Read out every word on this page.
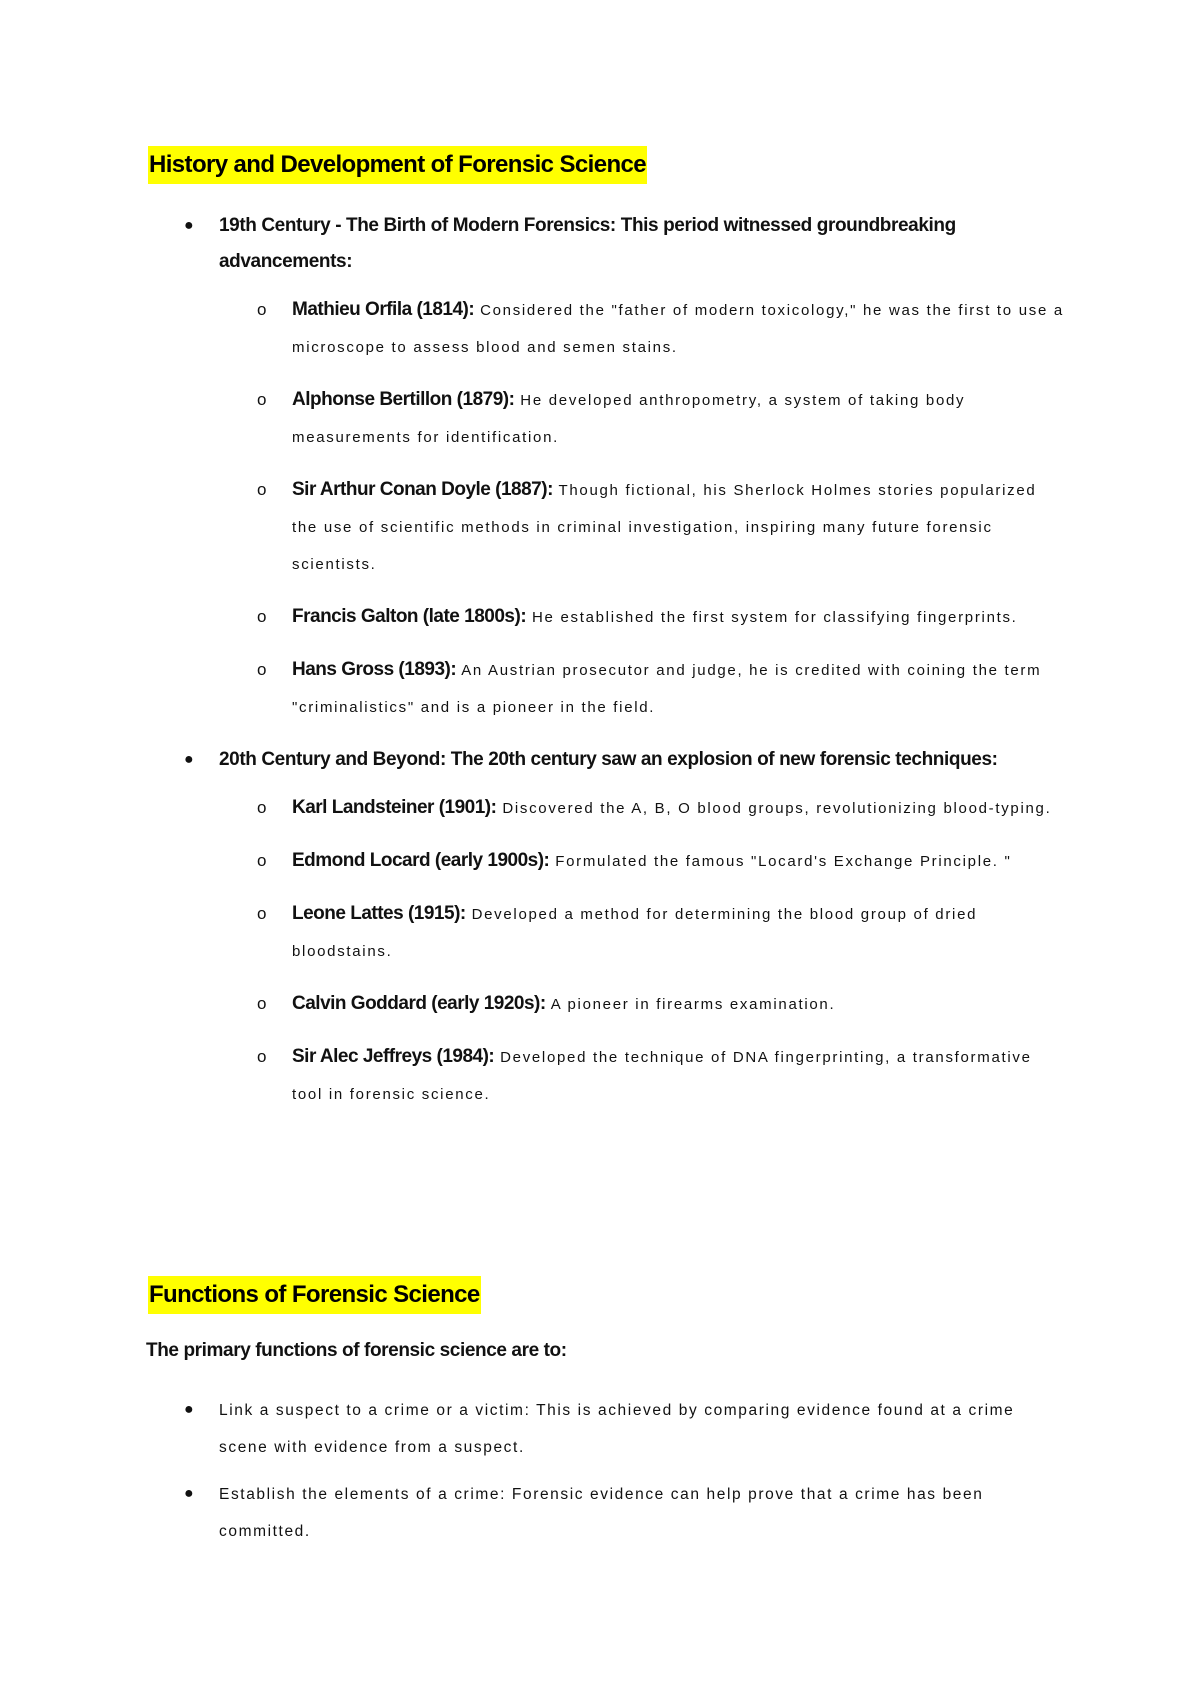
History and Development of Forensic Science
● 19th Century - The Birth of Modern Forensics: This period witnessed groundbreaking advancements:
o Mathieu Orfila (1814): Considered the "father of modern toxicology," he was the first to use a microscope to assess blood and semen stains.
o Alphonse Bertillon (1879): He developed anthropometry, a system of taking body measurements for identification.
o Sir Arthur Conan Doyle (1887): Though fictional, his Sherlock Holmes stories popularized the use of scientific methods in criminal investigation, inspiring many future forensic scientists.
o Francis Galton (late 1800s): He established the first system for classifying fingerprints.
o Hans Gross (1893): An Austrian prosecutor and judge, he is credited with coining the term "criminalistics" and is a pioneer in the field.
● 20th Century and Beyond: The 20th century saw an explosion of new forensic techniques:
o Karl Landsteiner (1901): Discovered the A, B, O blood groups, revolutionizing blood-typing.
o Edmond Locard (early 1900s): Formulated the famous "Locard's Exchange Principle. "
o Leone Lattes (1915): Developed a method for determining the blood group of dried bloodstains.
o Calvin Goddard (early 1920s): A pioneer in firearms examination.
o Sir Alec Jeffreys (1984): Developed the technique of DNA fingerprinting, a transformative tool in forensic science.
Functions of Forensic Science
The primary functions of forensic science are to:
● Link a suspect to a crime or a victim: This is achieved by comparing evidence found at a crime scene with evidence from a suspect.
● Establish the elements of a crime: Forensic evidence can help prove that a crime has been committed.
